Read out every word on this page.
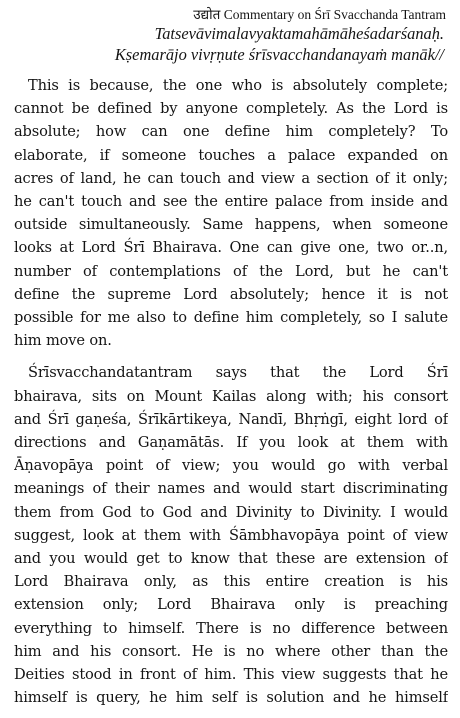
उद्योत Commentary on Śrī Svacchanda Tantram

Tatsevāvimalavyaktamahāmāheśadarśanaḥ.

Kṣemarājo vivṛṇute śrīsvacchandanayaṁ manāk//

This is because, the one who is absolutely complete;
cannot be defined by anyone completely. As the Lord is
absolute; how can one define him completely? To
elaborate, if someone touches a palace expanded on
acres of land, he can touch and view a section of it only;
he can't touch and see the entire palace from inside and
outside simultaneously. Same happens, when someone
looks at Lord Śrī Bhairava. One can give one, two or..n,
number of contemplations of the Lord, but he can't
define the supreme Lord absolutely; hence it is not
possible for me also to define him completely, so I salute
him move on.
Śrīsvacchandatantram says that the Lord Śrī
bhairava, sits on Mount Kailas along with; his consort
and Śrī gaṇeśa, Śrīkārtikeya, Nandī, Bhṛṅgī, eight lord of
directions and Gaṇamātās. If you look at them with
Āṇavopāya point of view; you would go with verbal
meanings of their names and would start discriminating
them from God to God and Divinity to Divinity. I would
suggest, look at them with Śāmbhavopāya point of view
and you would get to know that these are extension of
Lord Bhairava only, as this entire creation is his
extension only; Lord Bhairava only is preaching
everything to himself. There is no difference between
him and his consort. He is no where other than the
Deities stood in front of him. This view suggests that he
himself is query, he him self is solution and he himself
